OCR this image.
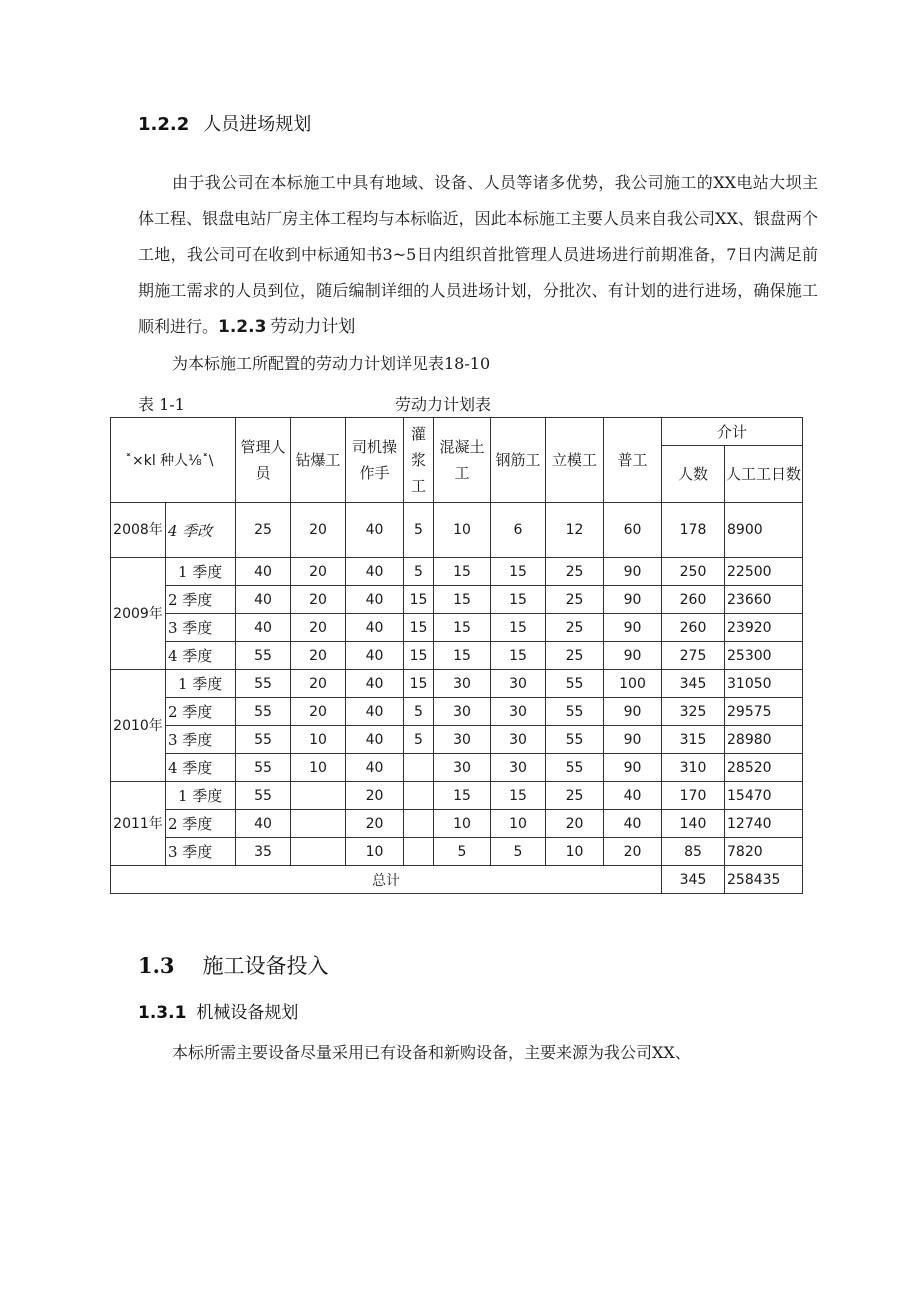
1.2.2 人员进场规划
由于我公司在本标施工中具有地域、设备、人员等诸多优势，我公司施工的XX电站大坝主体工程、银盘电站厂房主体工程均与本标临近，因此本标施工主要人员来自我公司XX、银盘两个工地，我公司可在收到中标通知书3~5日内组织首批管理人员进场进行前期准备，7日内满足前期施工需求的人员到位，随后编制详细的人员进场计划，分批次、有计划的进行进场，确保施工顺利进行。1.2.3 劳动力计划
为本标施工所配置的劳动力计划详见表18-10
表 1-1	劳动力计划表
˟×kl 种人⅛˟\		管理人员	钻爆工	司机操作手	灌浆工	混凝土工	钢筋工	立模工	普工	介计	
										人数	人工工日数
2008年	4 季改	25	20	40	5	10	6	12	60	178	8900
2009年	1 季度	40	20	40	5	15	15	25	90	250	22500
	2 季度	40	20	40	15	15	15	25	90	260	23660
	3 季度	40	20	40	15	15	15	25	90	260	23920
	4 季度	55	20	40	15	15	15	25	90	275	25300
2010年	1 季度	55	20	40	15	30	30	55	100	345	31050
	2 季度	55	20	40	5	30	30	55	90	325	29575
	3 季度	55	10	40	5	30	30	55	90	315	28980
	4 季度	55	10	40		30	30	55	90	310	28520
2011年	1 季度	55		20		15	15	25	40	170	15470
	2 季度	40		20		10	10	20	40	140	12740
	3 季度	35		10		5	5	10	20	85	7820
总计										345	258435
1.3 施工设备投入
1.3.1 机械设备规划
本标所需主要设备尽量采用已有设备和新购设备，主要来源为我公司XX、
